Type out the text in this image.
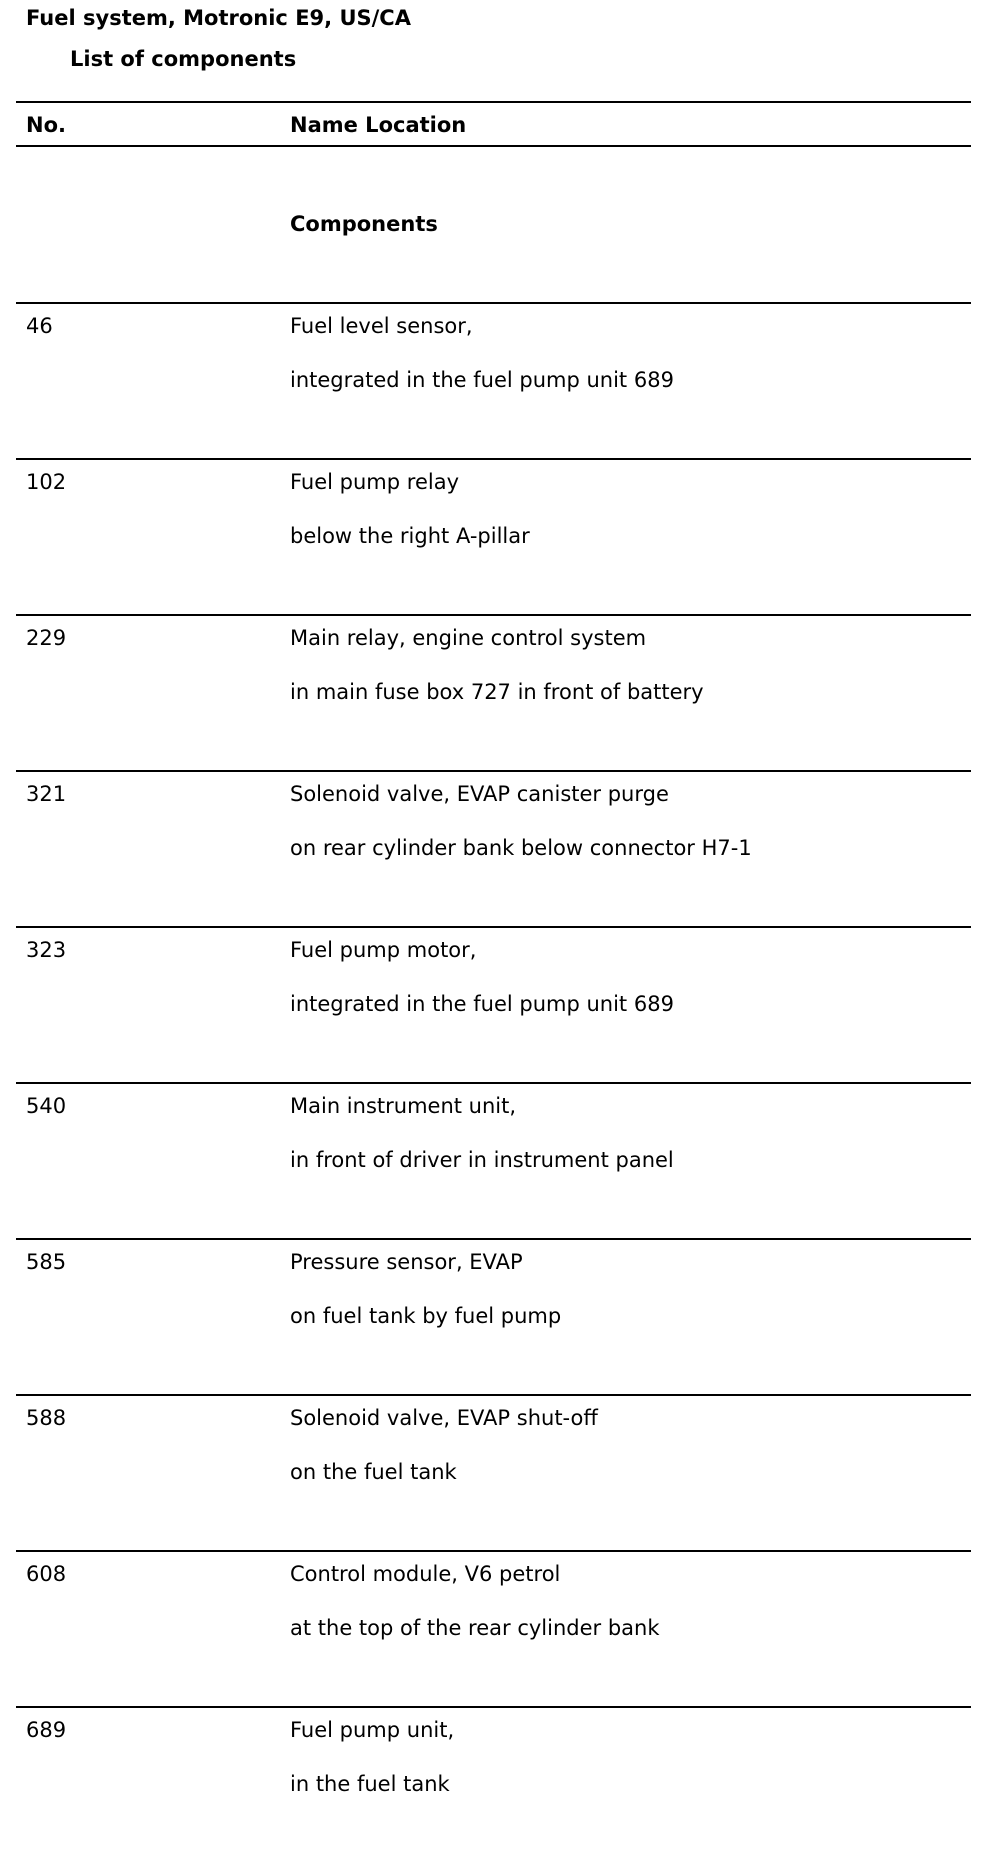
Fuel system, Motronic E9, US/CA
List of components
No.	Name Location
Components
46	Fuel level sensor,
integrated in the fuel pump unit 689
102	Fuel pump relay
below the right A-pillar
229	Main relay, engine control system
in main fuse box 727 in front of battery
321	Solenoid valve, EVAP canister purge
on rear cylinder bank below connector H7-1
323	Fuel pump motor,
integrated in the fuel pump unit 689
540	Main instrument unit,
in front of driver in instrument panel
585	Pressure sensor, EVAP
on fuel tank by fuel pump
588	Solenoid valve, EVAP shut-off
on the fuel tank
608	Control module, V6 petrol
at the top of the rear cylinder bank
689	Fuel pump unit,
in the fuel tank
